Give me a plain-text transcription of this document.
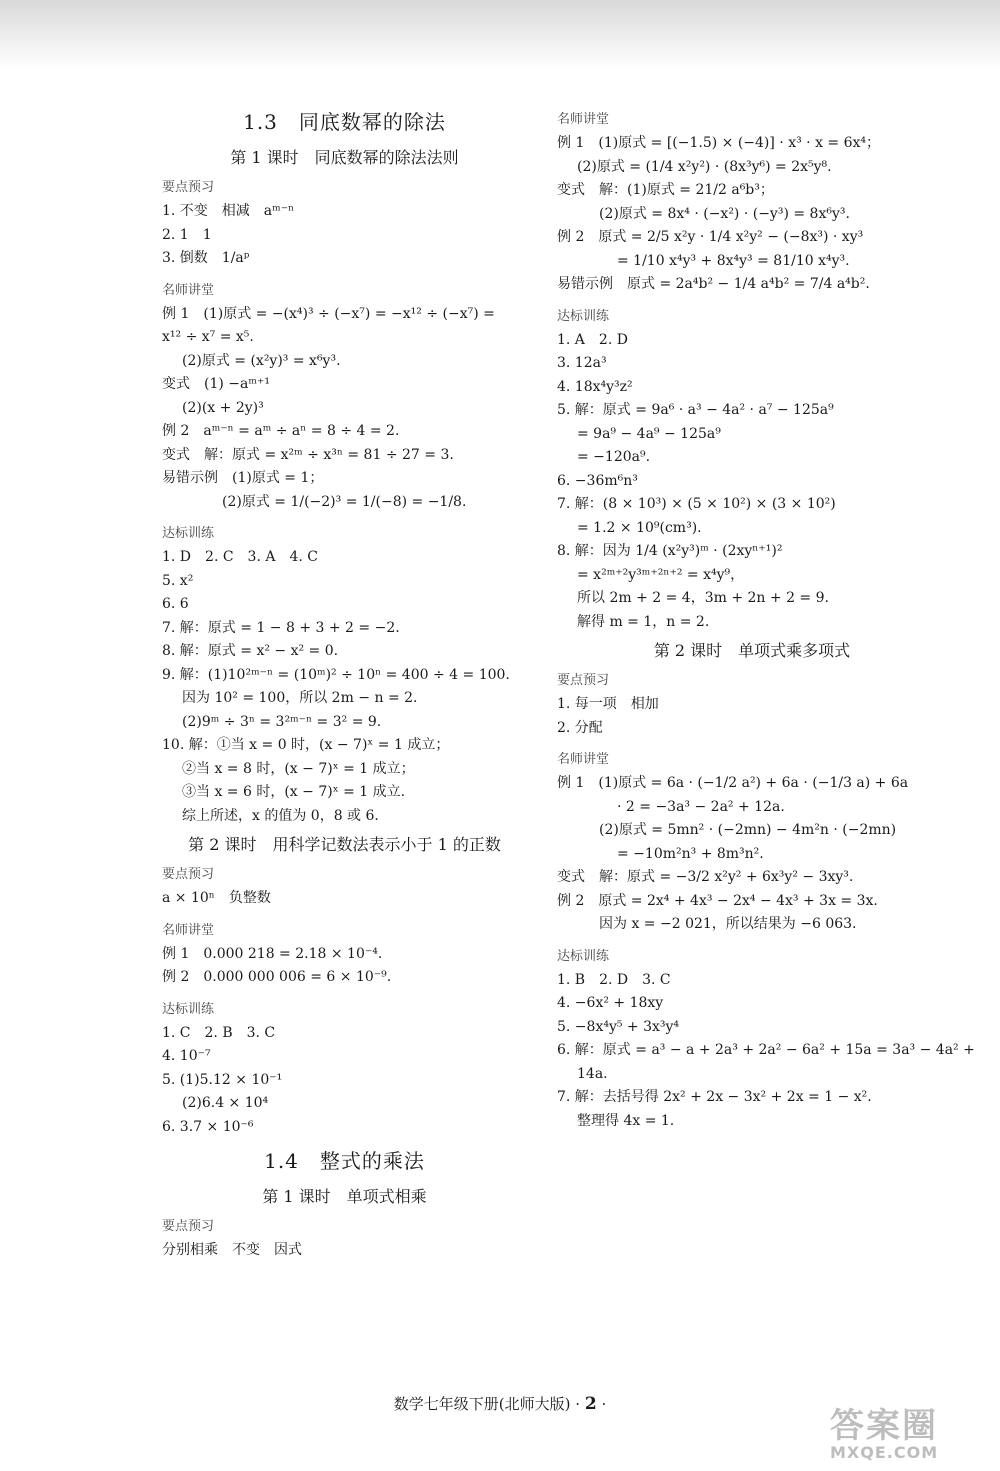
1.3　同底数幂的除法
第 1 课时　同底数幂的除法法则
要点预习
1. 不变　相减　aᵐ⁻ⁿ
2. 1　1
3. 倒数　1/aᵖ
名师讲堂
例 1　(1)原式 = −(x⁴)³ ÷ (−x⁷) = −x¹² ÷ (−x⁷) =
x¹² ÷ x⁷ = x⁵.
(2)原式 = (x²y)³ = x⁶y³.
变式　(1) −aᵐ⁺¹
(2)(x + 2y)³
例 2　aᵐ⁻ⁿ = aᵐ ÷ aⁿ = 8 ÷ 4 = 2.
变式　解：原式 = x²ᵐ ÷ x³ⁿ = 81 ÷ 27 = 3.
易错示例　(1)原式 = 1；
(2)原式 = 1/(−2)³ = 1/(−8) = −1/8.
达标训练
1. D　2. C　3. A　4. C
5. x²
6. 6
7. 解：原式 = 1 − 8 + 3 + 2 = −2.
8. 解：原式 = x² − x² = 0.
9. 解：(1)10²ᵐ⁻ⁿ = (10ᵐ)² ÷ 10ⁿ = 400 ÷ 4 = 100.
因为 10² = 100，所以 2m − n = 2.
(2)9ᵐ ÷ 3ⁿ = 3²ᵐ⁻ⁿ = 3² = 9.
10. 解：①当 x = 0 时，(x − 7)ˣ = 1 成立；
②当 x = 8 时，(x − 7)ˣ = 1 成立；
③当 x = 6 时，(x − 7)ˣ = 1 成立.
综上所述，x 的值为 0，8 或 6.
第 2 课时　用科学记数法表示小于 1 的正数
要点预习
a × 10ⁿ　负整数
名师讲堂
例 1　0.000 218 = 2.18 × 10⁻⁴.
例 2　0.000 000 006 = 6 × 10⁻⁹.
达标训练
1. C　2. B　3. C
4. 10⁻⁷
5. (1)5.12 × 10⁻¹
(2)6.4 × 10⁴
6. 3.7 × 10⁻⁶
1.4　整式的乘法
第 1 课时　单项式相乘
要点预习
分别相乘　不变　因式
名师讲堂
例 1　(1)原式 = [(−1.5) × (−4)] · x³ · x = 6x⁴；
(2)原式 = (1/4 x²y²) · (8x³y⁶) = 2x⁵y⁸.
变式　解：(1)原式 = 21/2 a⁶b³；
(2)原式 = 8x⁴ · (−x²) · (−y³) = 8x⁶y³.
例 2　原式 = 2/5 x²y · 1/4 x²y² − (−8x³) · xy³
= 1/10 x⁴y³ + 8x⁴y³ = 81/10 x⁴y³.
易错示例　原式 = 2a⁴b² − 1/4 a⁴b² = 7/4 a⁴b².
达标训练
1. A　2. D
3. 12a³
4. 18x⁴y³z²
5. 解：原式 = 9a⁶ · a³ − 4a² · a⁷ − 125a⁹
= 9a⁹ − 4a⁹ − 125a⁹
= −120a⁹.
6. −36m⁶n³
7. 解：(8 × 10³) × (5 × 10²) × (3 × 10²)
= 1.2 × 10⁹(cm³).
8. 解：因为 1/4 (x²y³)ᵐ · (2xyⁿ⁺¹)²
= x²ᵐ⁺²y³ᵐ⁺²ⁿ⁺² = x⁴y⁹，
所以 2m + 2 = 4，3m + 2n + 2 = 9.
解得 m = 1，n = 2.
第 2 课时　单项式乘多项式
要点预习
1. 每一项　相加
2. 分配
名师讲堂
例 1　(1)原式 = 6a · (−1/2 a²) + 6a · (−1/3 a) + 6a
· 2 = −3a³ − 2a² + 12a.
(2)原式 = 5mn² · (−2mn) − 4m²n · (−2mn)
= −10m²n³ + 8m³n².
变式　解：原式 = −3/2 x²y² + 6x³y² − 3xy³.
例 2　原式 = 2x⁴ + 4x³ − 2x⁴ − 4x³ + 3x = 3x.
因为 x = −2 021，所以结果为 −6 063.
达标训练
1. B　2. D　3. C
4. −6x² + 18xy
5. −8x⁴y⁵ + 3x³y⁴
6. 解：原式 = a³ − a + 2a³ + 2a² − 6a² + 15a = 3a³ − 4a² +
14a.
7. 解：去括号得 2x² + 2x − 3x² + 2x = 1 − x².
整理得 4x = 1.
数学七年级下册(北师大版) · 2 ·
答案圈
MXQE.COM
